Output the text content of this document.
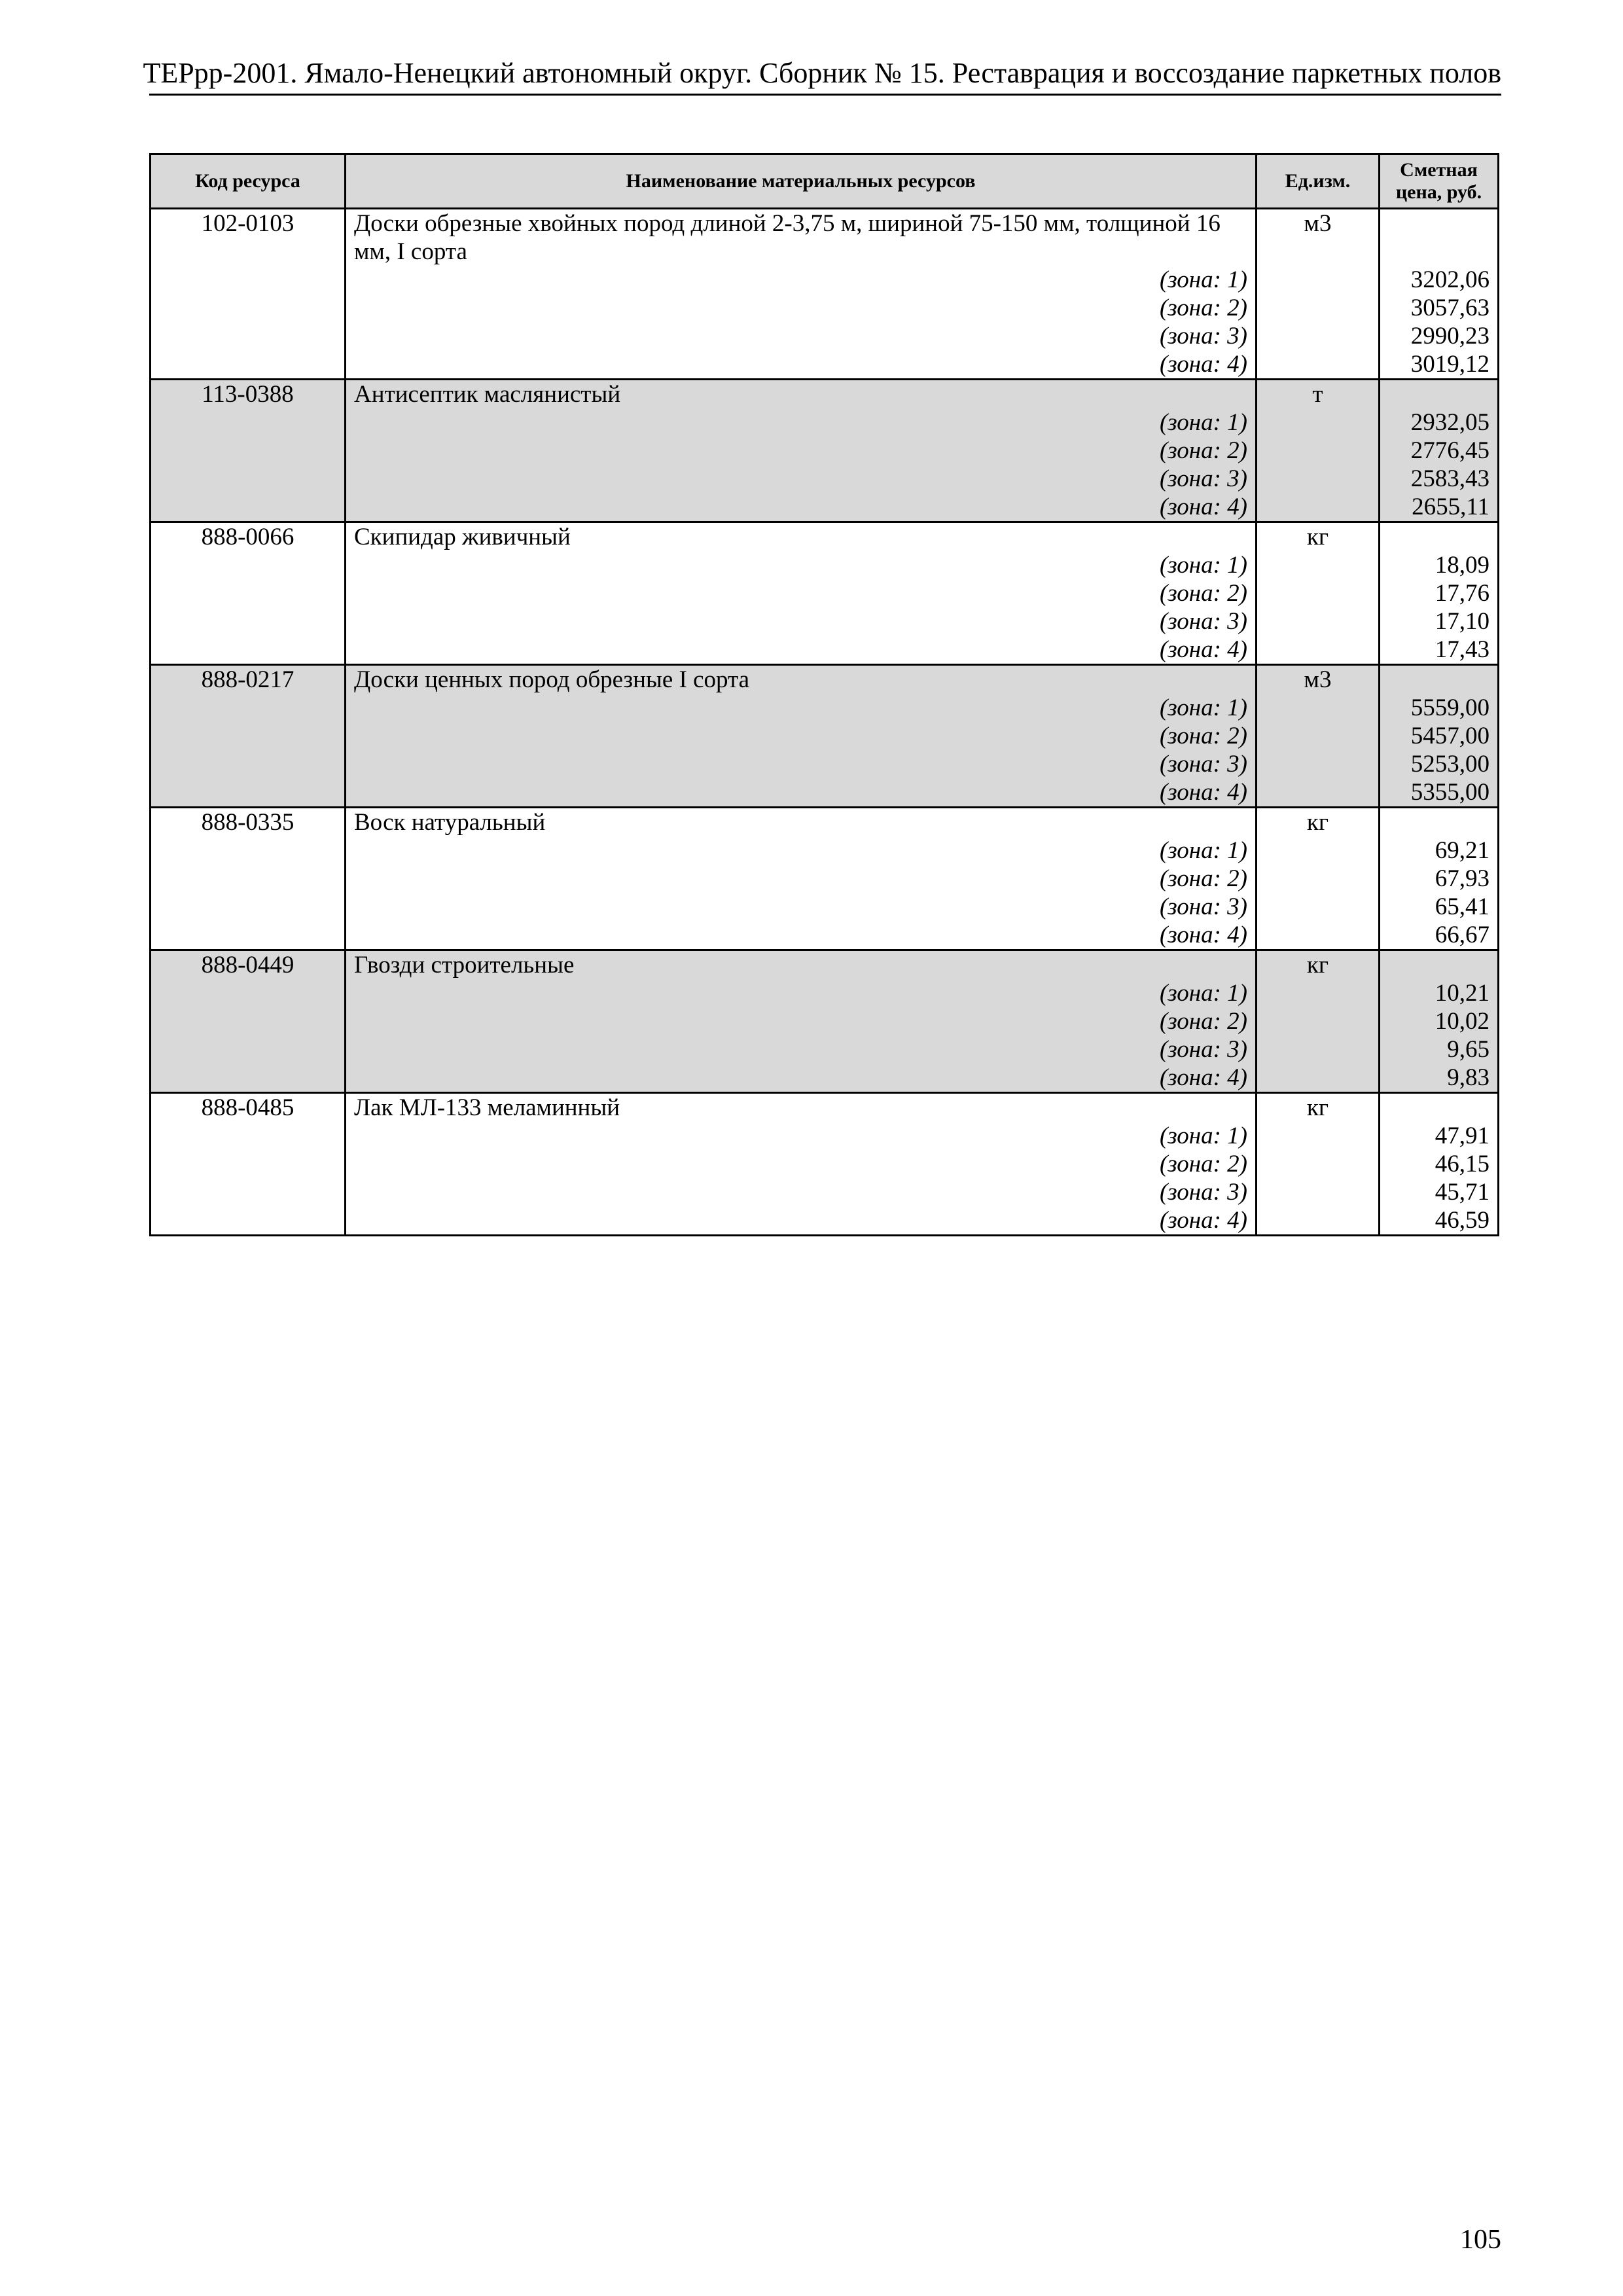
ТЕРрр-2001. Ямало-Ненецкий автономный округ. Сборник № 15. Реставрация и воссоздание паркетных полов
Код ресурса	Наименование материальных ресурсов	Ед.изм.	Сметная
цена, руб.
102-0103	Доски обрезные хвойных пород длиной 2-3,75 м, шириной 75-150 мм, толщиной 16 мм, I сорта	м3	
	(зона: 1)		3202,06
	(зона: 2)		3057,63
	(зона: 3)		2990,23
	(зона: 4)		3019,12
113-0388	Антисептик маслянистый	т	
	(зона: 1)		2932,05
	(зона: 2)		2776,45
	(зона: 3)		2583,43
	(зона: 4)		2655,11
888-0066	Скипидар живичный	кг	
	(зона: 1)		18,09
	(зона: 2)		17,76
	(зона: 3)		17,10
	(зона: 4)		17,43
888-0217	Доски ценных пород обрезные I сорта	м3	
	(зона: 1)		5559,00
	(зона: 2)		5457,00
	(зона: 3)		5253,00
	(зона: 4)		5355,00
888-0335	Воск натуральный	кг	
	(зона: 1)		69,21
	(зона: 2)		67,93
	(зона: 3)		65,41
	(зона: 4)		66,67
888-0449	Гвозди строительные	кг	
	(зона: 1)		10,21
	(зона: 2)		10,02
	(зона: 3)		9,65
	(зона: 4)		9,83
888-0485	Лак МЛ-133 меламинный	кг	
	(зона: 1)		47,91
	(зона: 2)		46,15
	(зона: 3)		45,71
	(зона: 4)		46,59
105
